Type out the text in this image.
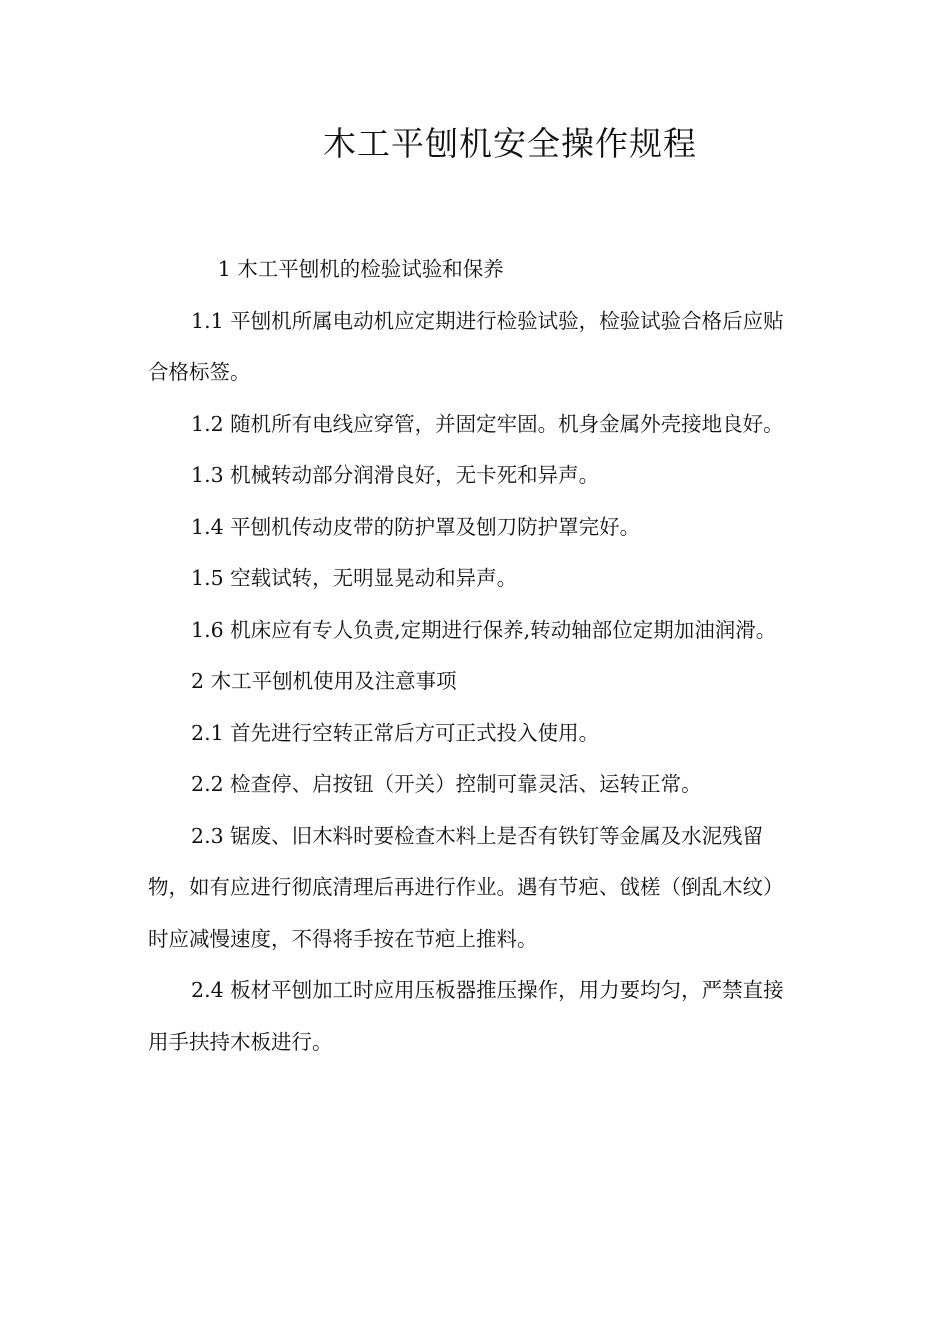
木工平刨机安全操作规程

1 木工平刨机的检验试验和保养

1.1 平刨机所属电动机应定期进行检验试验，检验试验合格后应贴合格标签。

1.2 随机所有电线应穿管，并固定牢固。机身金属外壳接地良好。

1.3 机械转动部分润滑良好，无卡死和异声。

1.4 平刨机传动皮带的防护罩及刨刀防护罩完好。

1.5 空载试转，无明显晃动和异声。

1.6 机床应有专人负责,定期进行保养,转动轴部位定期加油润滑。

2 木工平刨机使用及注意事项

2.1 首先进行空转正常后方可正式投入使用。

2.2 检查停、启按钮（开关）控制可靠灵活、运转正常。

2.3 锯废、旧木料时要检查木料上是否有铁钉等金属及水泥残留物，如有应进行彻底清理后再进行作业。遇有节疤、戗槎（倒乱木纹）时应减慢速度，不得将手按在节疤上推料。

2.4 板材平刨加工时应用压板器推压操作，用力要均匀，严禁直接用手扶持木板进行。
